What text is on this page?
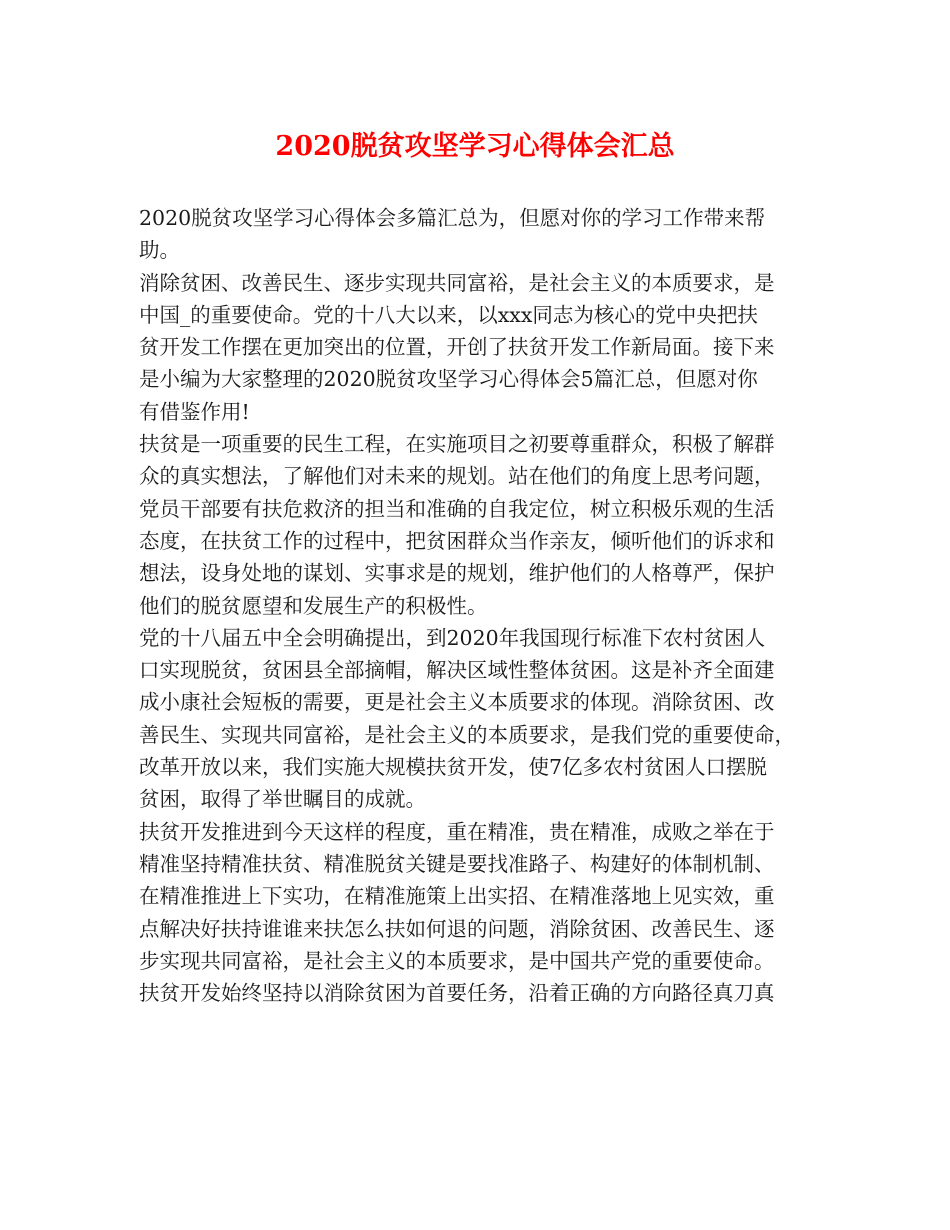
2020脱贫攻坚学习心得体会汇总

2020脱贫攻坚学习心得体会多篇汇总为，但愿对你的学习工作带来帮

助。

消除贫困、改善民生、逐步实现共同富裕，是社会主义的本质要求，是

中国_的重要使命。党的十八大以来，以xxx同志为核心的党中央把扶

贫开发工作摆在更加突出的位置，开创了扶贫开发工作新局面。接下来

是小编为大家整理的2020脱贫攻坚学习心得体会5篇汇总，但愿对你

有借鉴作用!

扶贫是一项重要的民生工程，在实施项目之初要尊重群众，积极了解群

众的真实想法，了解他们对未来的规划。站在他们的角度上思考问题，

党员干部要有扶危救济的担当和准确的自我定位，树立积极乐观的生活

态度，在扶贫工作的过程中，把贫困群众当作亲友，倾听他们的诉求和

想法，设身处地的谋划、实事求是的规划，维护他们的人格尊严，保护

他们的脱贫愿望和发展生产的积极性。

党的十八届五中全会明确提出，到2020年我国现行标准下农村贫困人

口实现脱贫，贫困县全部摘帽，解决区域性整体贫困。这是补齐全面建

成小康社会短板的需要，更是社会主义本质要求的体现。消除贫困、改

善民生、实现共同富裕，是社会主义的本质要求，是我们党的重要使命，

改革开放以来，我们实施大规模扶贫开发，使7亿多农村贫困人口摆脱

贫困，取得了举世瞩目的成就。

扶贫开发推进到今天这样的程度，重在精准，贵在精准，成败之举在于

精准坚持精准扶贫、精准脱贫关键是要找准路子、构建好的体制机制、

在精准推进上下实功，在精准施策上出实招、在精准落地上见实效，重

点解决好扶持谁谁来扶怎么扶如何退的问题，消除贫困、改善民生、逐

步实现共同富裕，是社会主义的本质要求，是中国共产党的重要使命。

扶贫开发始终坚持以消除贫困为首要任务，沿着正确的方向路径真刀真
